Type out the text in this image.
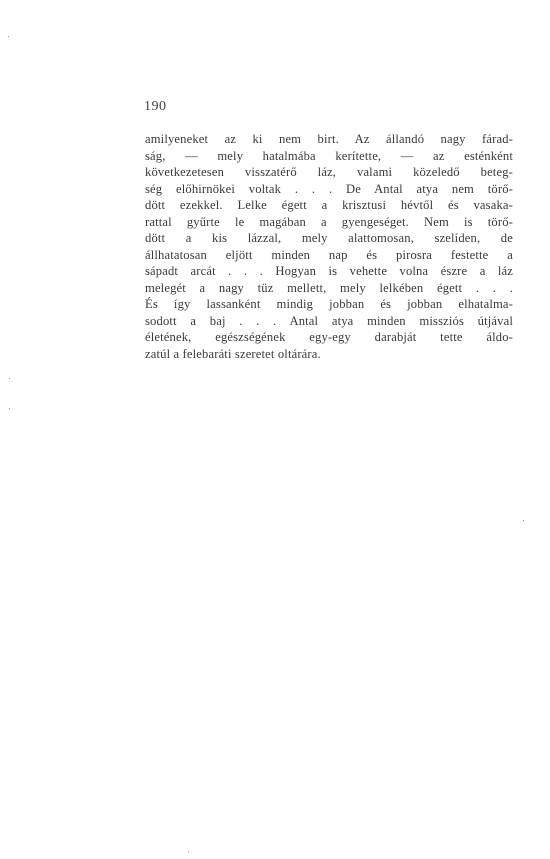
190
amilyeneket az ki nem birt. Az állandó nagy fárad-
ság, — mely hatalmába kerítette, — az esténként
következetesen visszatérő láz, valami közeledő beteg-
ség előhirnökei voltak . . . De Antal atya nem törő-
dött ezekkel. Lelke égett a krisztusi hévtől és vasaka-
rattal gyűrte le magában a gyengeséget. Nem is törő-
dött a kis lázzal, mely alattomosan, szelíden, de
állhatatosan eljött minden nap és pirosra festette a
sápadt arcát . . . Hogyan is vehette volna észre a láz
melegét a nagy tüz mellett, mely lelkében égett . . .
És így lassanként mindig jobban és jobban elhatalma-
sodott a baj . . . Antal atya minden missziós útjával
életének, egészségének egy-egy darabját tette áldo-
zatúl a felebaráti szeretet oltárára.
